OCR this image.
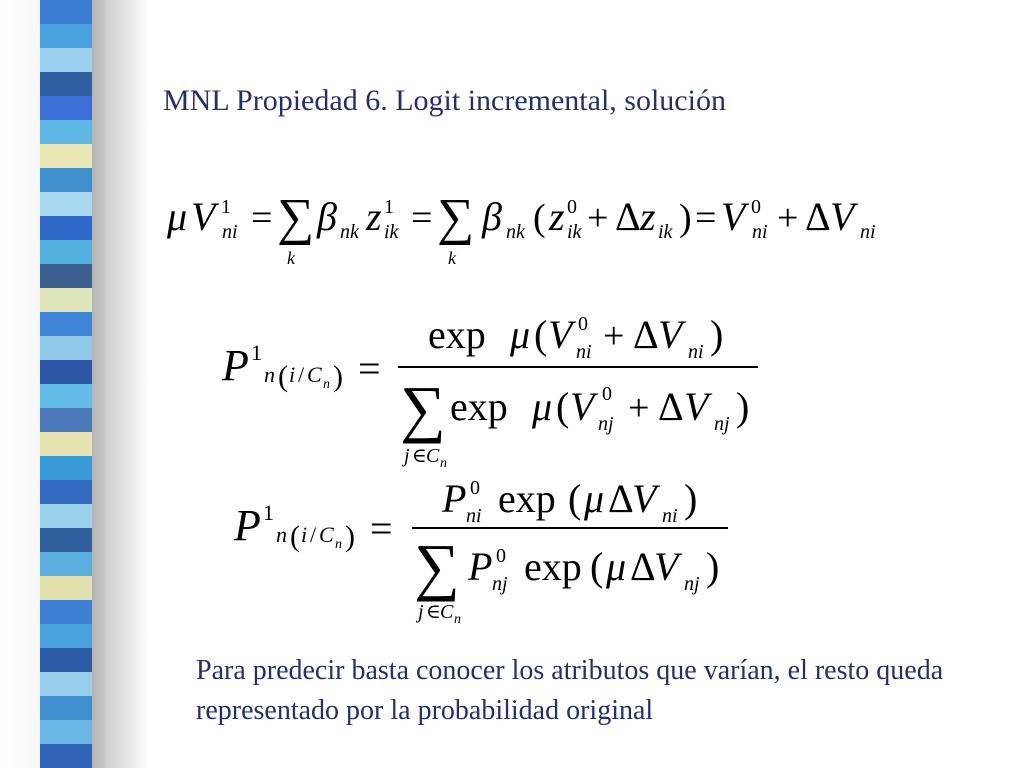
MNL Propiedad 6. Logit incremental, solución
μ V 1
ni = ∑
k
β nk z 1
ik = ∑
k
β nk ( z 0
ik + Δ z ik ) = V 0
ni + Δ V ni
P 1
n ( i / C n ) =
exp μ ( V 0
ni + Δ V ni )
∑ exp μ ( V 0
nj + Δ V nj )
j ∈ C n
P 1
n ( i / C n ) =
P 0
ni exp ( μ Δ
V ni )
∑ P 0
nj exp ( μ Δ
V nj )
j ∈ C n
Para predecir basta conocer los atributos que varían, el resto queda representado por la probabilidad original
